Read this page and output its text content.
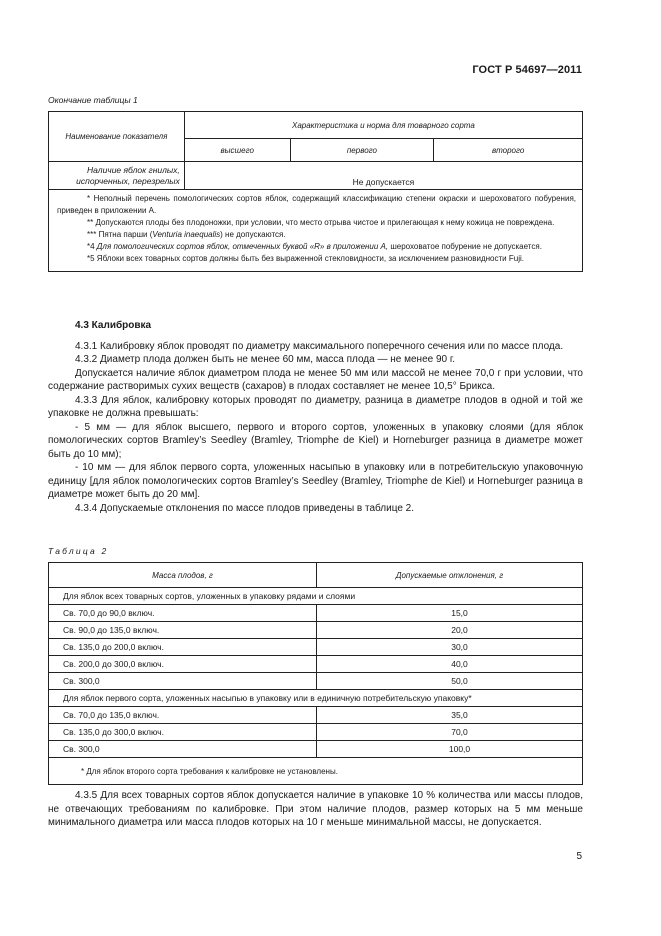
ГОСТ Р 54697—2011
Окончание таблицы 1
Наименование показателя	Характеристика и норма для товарного сорта		
	высшего	первого	второго

Наличие яблок гнилых,
испорченных, перезрелых	Не допускается		

* Неполный перечень помологических сортов яблок, содержащий классификацию степени окраски и шероховатого побурения, приведен в приложении А.
** Допускаются плоды без плодоножки, при условии, что место отрыва чистое и прилегающая к нему кожица не повреждена.
*** Пятна парши (Venturia inaequalis) не допускаются.
*4 Для помологических сортов яблок, отмеченных буквой «R» в приложении А, шероховатое побурение не допускается.
*5 Яблоки всех товарных сортов должны быть без выраженной стекловидности, за исключением разновидности Fuji.			

4.3 Калибровка

4.3.1 Калибровку яблок проводят по диаметру максимального поперечного сечения или по массе плода.

4.3.2 Диаметр плода должен быть не менее 60 мм, масса плода — не менее 90 г.

Допускается наличие яблок диаметром плода не менее 50 мм или массой не менее 70,0 г при условии, что содержание растворимых сухих веществ (сахаров) в плодах составляет не менее 10,5° Брикса.

4.3.3 Для яблок, калибровку которых проводят по диаметру, разница в диаметре плодов в одной и той же упаковке не должна превышать:

- 5 мм — для яблок высшего, первого и второго сортов, уложенных в упаковку слоями (для яблок помологических сортов Bramley’s Seedley (Bramley, Triomphe de Kiel) и Horneburger разница в диаметре может быть до 10 мм);

- 10 мм — для яблок первого сорта, уложенных насыпью в упаковку или в потребительскую упаковочную единицу [для яблок помологических сортов Bramley’s Seedley (Bramley, Triomphe de Kiel) и Horneburger разница в диаметре может быть до 20 мм].

4.3.4 Допускаемые отклонения по массе плодов приведены в таблице 2.

Таблица 2
Масса плодов, г	Допускаемые отклонения, г
Для яблок всех товарных сортов, уложенных в упаковку рядами и слоями	
Св. 70,0 до 90,0 включ.	15,0
Св. 90,0 до 135,0 включ.	20,0
Св. 135,0 до 200,0 включ.	30,0
Св. 200,0 до 300,0 включ.	40,0
Св. 300,0	50,0
Для яблок первого сорта, уложенных насыпью в упаковку или в единичную потребительскую упаковку*	
Св. 70,0 до 135,0 включ.	35,0
Св. 135,0 до 300,0 включ.	70,0
Св. 300,0	100,0
* Для яблок второго сорта требования к калибровке не установлены.	

4.3.5 Для всех товарных сортов яблок допускается наличие в упаковке 10 % количества или массы плодов, не отвечающих требованиям по калибровке. При этом наличие плодов, размер которых на 5 мм меньше минимального диаметра или масса плодов которых на 10 г меньше минимальной массы, не допускается.

5
